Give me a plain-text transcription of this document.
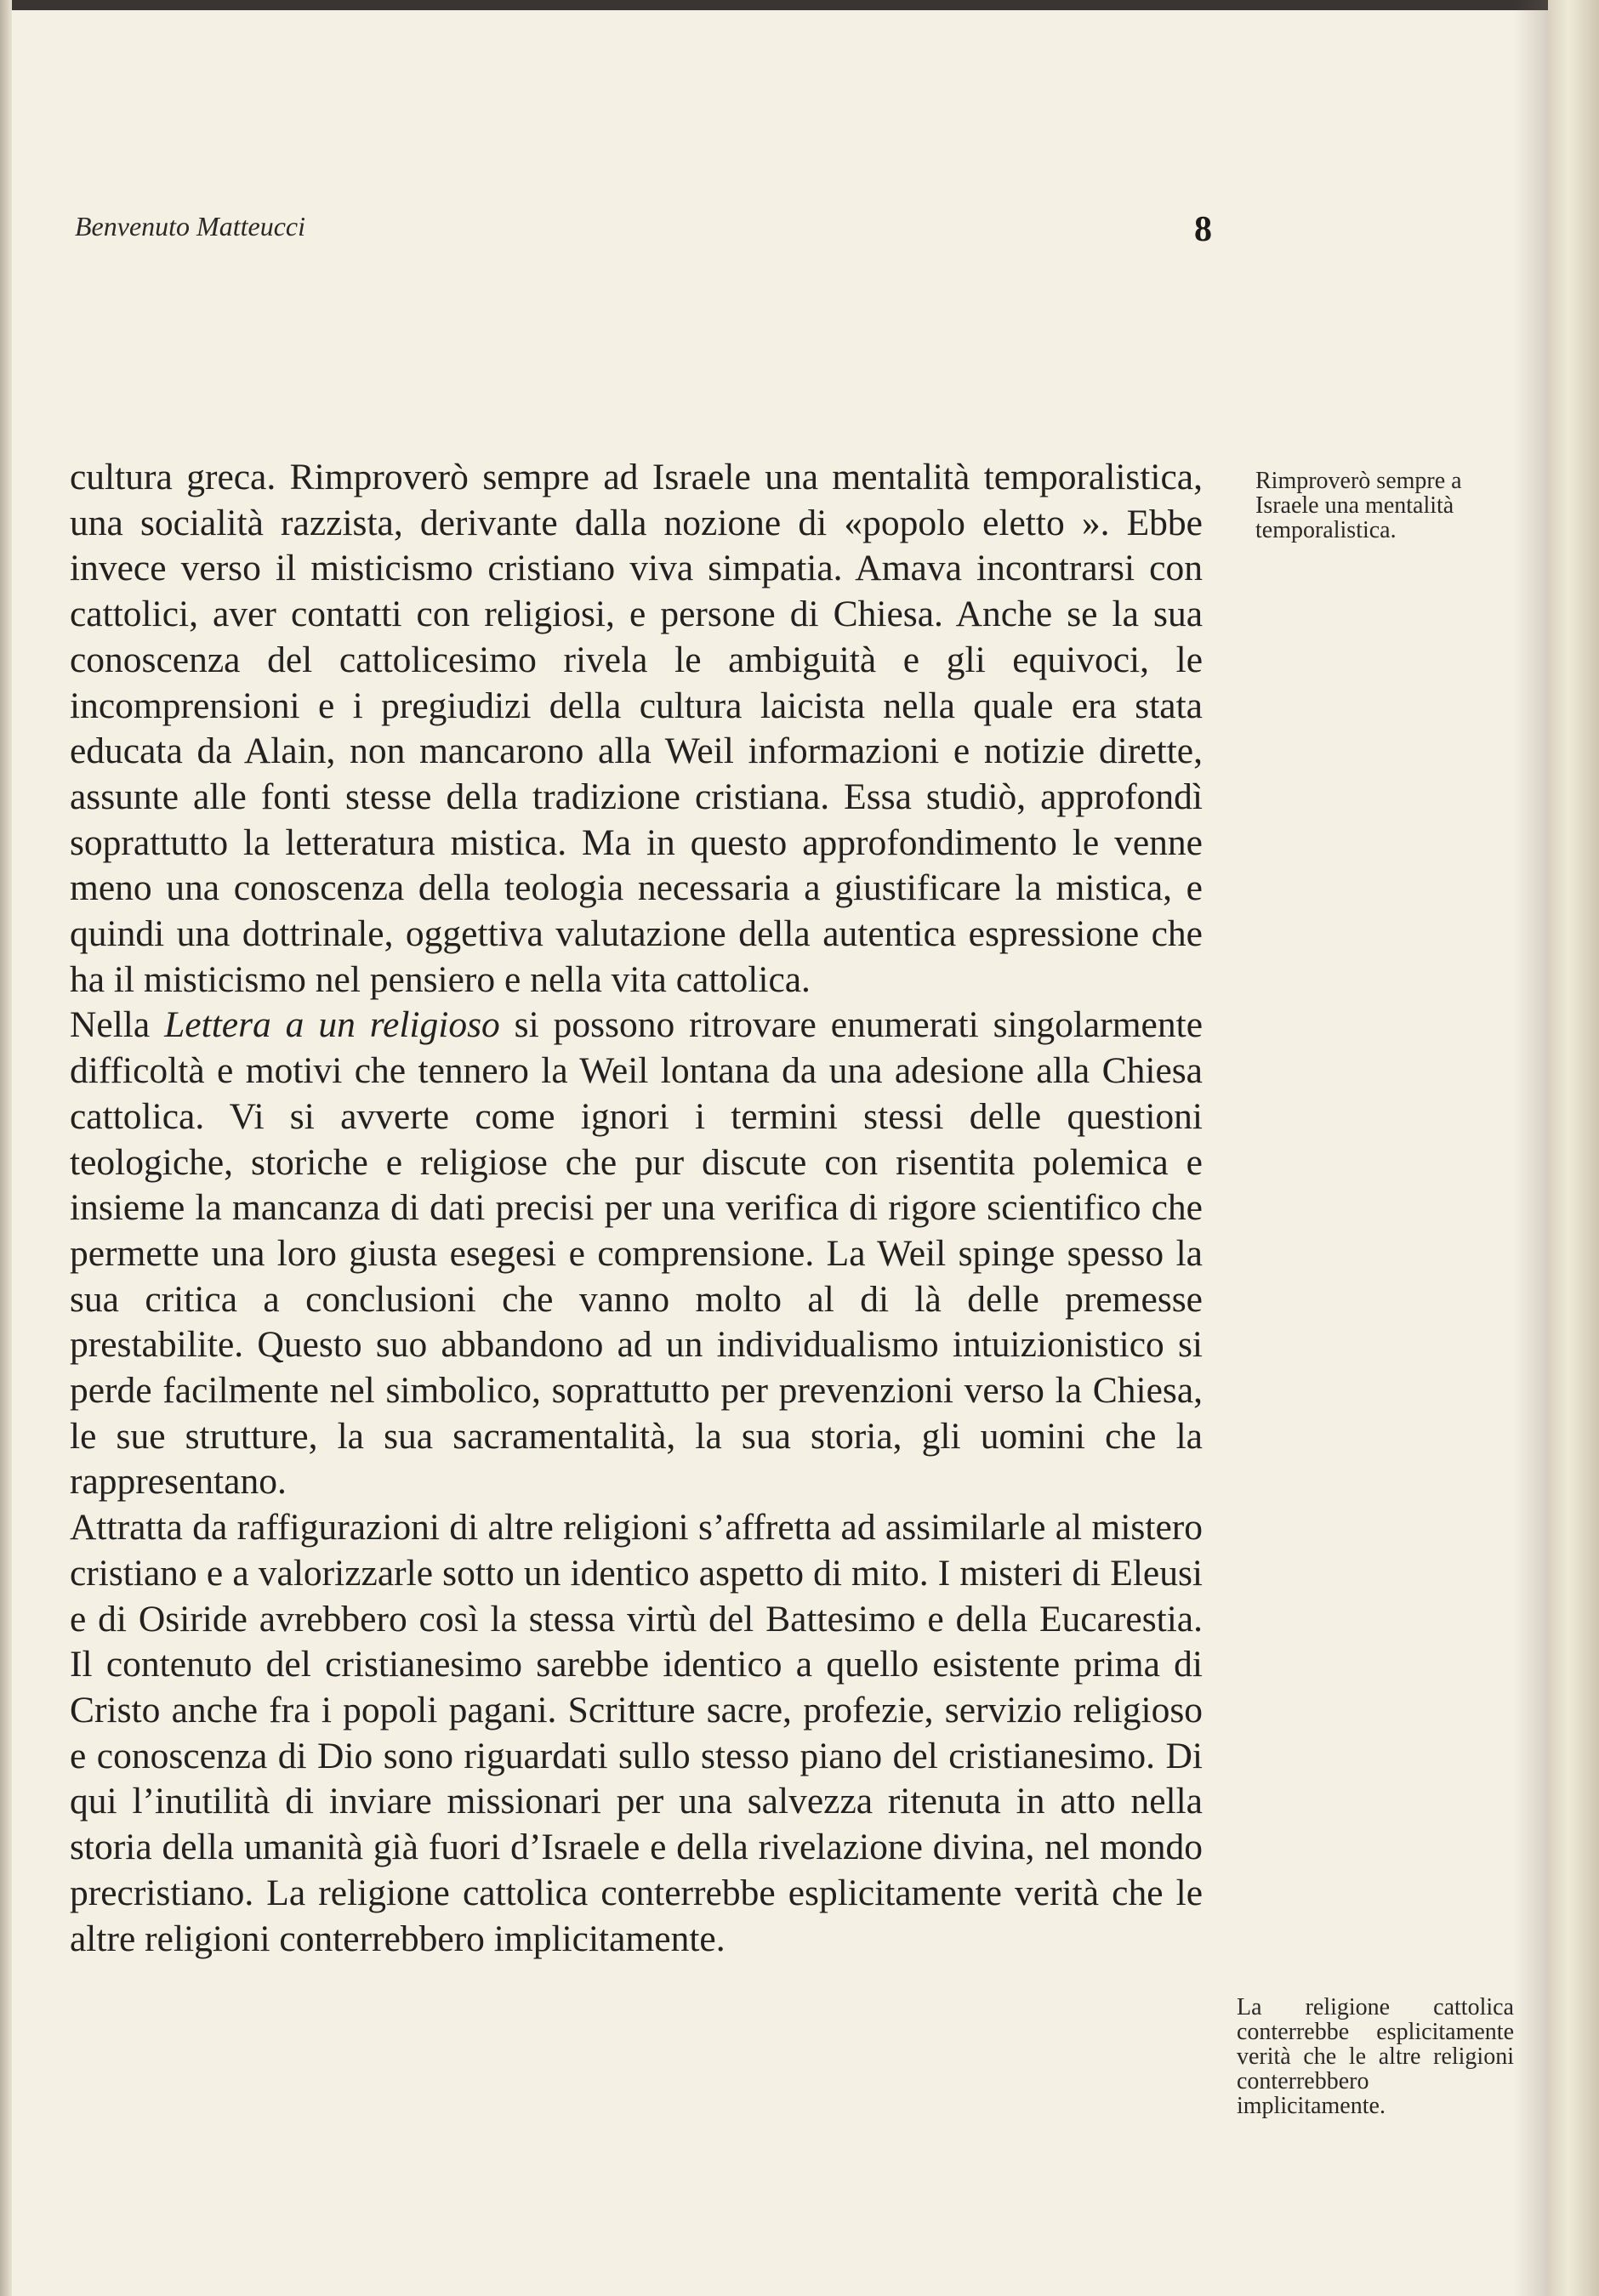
Benvenuto Matteucci	8

cultura greca. Rimproverò sempre ad Israele una mentalità temporalistica, una socialità razzista, derivante dalla nozione di «popolo eletto ». Ebbe invece verso il misticismo cristiano viva simpatia. Amava incontrarsi con cattolici, aver contatti con religiosi, e persone di Chiesa. Anche se la sua conoscenza del cattolicesimo rivela le ambiguità e gli equivoci, le incomprensioni e i pregiudizi della cultura laicista nella quale era stata educata da Alain, non mancarono alla Weil informazioni e notizie dirette, assunte alle fonti stesse della tradizione cristiana. Essa studiò, approfondì soprattutto la letteratura mistica. Ma in questo approfondimento le venne meno una conoscenza della teologia necessaria a giustificare la mistica, e quindi una dottrinale, oggettiva valutazione della autentica espressione che ha il misticismo nel pensiero e nella vita cattolica.

Nella Lettera a un religioso si possono ritrovare enumerati singolarmente difficoltà e motivi che tennero la Weil lontana da una adesione alla Chiesa cattolica. Vi si avverte come ignori i termini stessi delle questioni teologiche, storiche e religiose che pur discute con risentita polemica e insieme la mancanza di dati precisi per una verifica di rigore scientifico che permette una loro giusta esegesi e comprensione. La Weil spinge spesso la sua critica a conclusioni che vanno molto al di là delle premesse prestabilite. Questo suo abbandono ad un individualismo intuizionistico si perde facilmente nel simbolico, soprattutto per prevenzioni verso la Chiesa, le sue strutture, la sua sacramentalità, la sua storia, gli uomini che la rappresentano.

Attratta da raffigurazioni di altre religioni s’affretta ad assimilarle al mistero cristiano e a valorizzarle sotto un identico aspetto di mito. I misteri di Eleusi e di Osiride avrebbero così la stessa virtù del Battesimo e della Eucarestia. Il contenuto del cristianesimo sarebbe identico a quello esistente prima di Cristo anche fra i popoli pagani. Scritture sacre, profezie, servizio religioso e conoscenza di Dio sono riguardati sullo stesso piano del cristianesimo. Di qui l’inutilità di inviare missionari per una salvezza ritenuta in atto nella storia della umanità già fuori d’Israele e della rivelazione divina, nel mondo precristiano. La religione cattolica conterrebbe esplicitamente verità che le altre religioni conterrebbero implicitamente.

Rimproverò sempre a Israele una mentalità temporalistica.
La religione cattolica conterrebbe esplicitamente verità che le altre religioni conterrebbero implicitamente.
